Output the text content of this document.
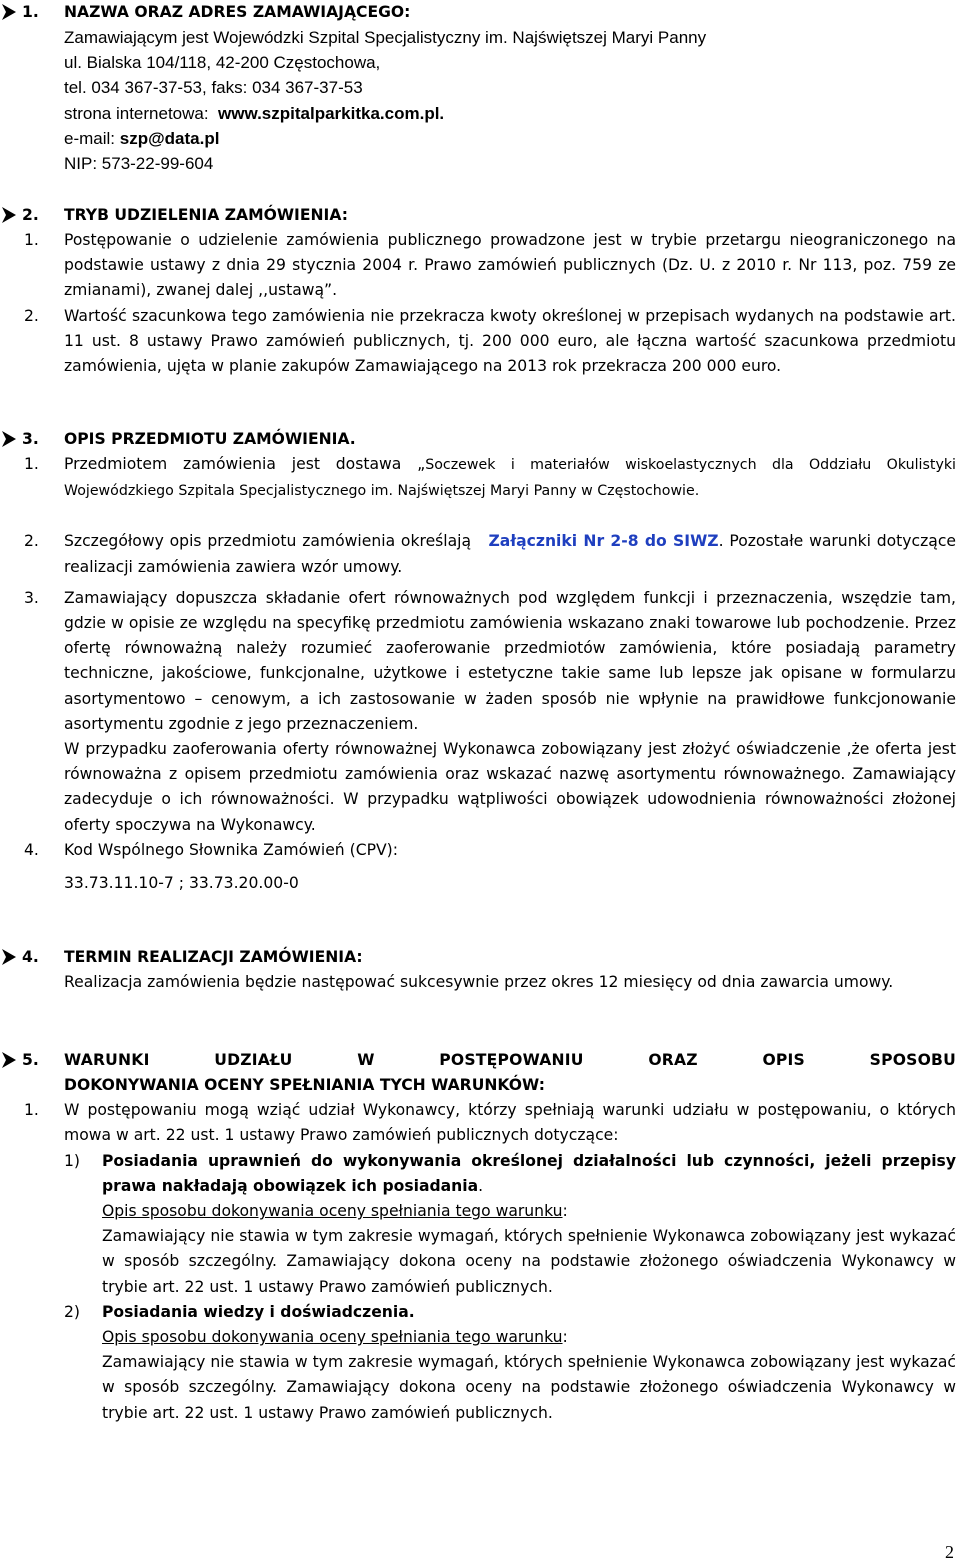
1. NAZWA ORAZ ADRES ZAMAWIAJĄCEGO:
Zamawiającym jest Wojewódzki Szpital Specjalistyczny im. Najświętszej Maryi Panny
ul. Bialska 104/118, 42-200 Częstochowa,
tel. 034 367-37-53, faks: 034 367-37-53
strona internetowa: www.szpitalparkitka.com.pl.
e-mail: szp@data.pl
NIP: 573-22-99-604
2. TRYB UDZIELENIA ZAMÓWIENIA:
1. Postępowanie o udzielenie zamówienia publicznego prowadzone jest w trybie przetargu nieograniczonego na podstawie ustawy z dnia 29 stycznia 2004 r. Prawo zamówień publicznych (Dz. U. z 2010 r. Nr 113, poz. 759 ze zmianami), zwanej dalej ,,ustawą”.
2. Wartość szacunkowa tego zamówienia nie przekracza kwoty określonej w przepisach wydanych na podstawie art. 11 ust. 8 ustawy Prawo zamówień publicznych, tj. 200 000 euro, ale łączna wartość szacunkowa przedmiotu zamówienia, ujęta w planie zakupów Zamawiającego na 2013 rok przekracza 200 000 euro.
3. OPIS PRZEDMIOTU ZAMÓWIENIA.
1. Przedmiotem zamówienia jest dostawa „Soczewek i materiałów wiskoelastycznych dla Oddziału Okulistyki Wojewódzkiego Szpitala Specjalistycznego im. Najświętszej Maryi Panny w Częstochowie.
2. Szczegółowy opis przedmiotu zamówienia określają Załączniki Nr 2-8 do SIWZ. Pozostałe warunki dotyczące realizacji zamówienia zawiera wzór umowy.
3. Zamawiający dopuszcza składanie ofert równoważnych pod względem funkcji i przeznaczenia, wszędzie tam, gdzie w opisie ze względu na specyfikę przedmiotu zamówienia wskazano znaki towarowe lub pochodzenie. Przez ofertę równoważną należy rozumieć zaoferowanie przedmiotów zamówienia, które posiadają parametry techniczne, jakościowe, funkcjonalne, użytkowe i estetyczne takie same lub lepsze jak opisane w formularzu asortymentowo – cenowym, a ich zastosowanie w żaden sposób nie wpłynie na prawidłowe funkcjonowanie asortymentu zgodnie z jego przeznaczeniem.
W przypadku zaoferowania oferty równoważnej Wykonawca zobowiązany jest złożyć oświadczenie ,że oferta jest równoważna z opisem przedmiotu zamówienia oraz wskazać nazwę asortymentu równoważnego. Zamawiający zadecyduje o ich równoważności. W przypadku wątpliwości obowiązek udowodnienia równoważności złożonej oferty spoczywa na Wykonawcy.
4. Kod Wspólnego Słownika Zamówień (CPV):
33.73.11.10-7 ; 33.73.20.00-0
4. TERMIN REALIZACJI ZAMÓWIENIA:
Realizacja zamówienia będzie następować sukcesywnie przez okres 12 miesięcy od dnia zawarcia umowy.
5. WARUNKI UDZIAŁU W POSTĘPOWANIU ORAZ OPIS SPOSOBU
DOKONYWANIA OCENY SPEŁNIANIA TYCH WARUNKÓW:
1. W postępowaniu mogą wziąć udział Wykonawcy, którzy spełniają warunki udziału w postępowaniu, o których mowa w art. 22 ust. 1 ustawy Prawo zamówień publicznych dotyczące:
1) Posiadania uprawnień do wykonywania określonej działalności lub czynności, jeżeli przepisy prawa nakładają obowiązek ich posiadania.
Opis sposobu dokonywania oceny spełniania tego warunku:
Zamawiający nie stawia w tym zakresie wymagań, których spełnienie Wykonawca zobowiązany jest wykazać w sposób szczególny. Zamawiający dokona oceny na podstawie złożonego oświadczenia Wykonawcy w trybie art. 22 ust. 1 ustawy Prawo zamówień publicznych.
2) Posiadania wiedzy i doświadczenia.
Opis sposobu dokonywania oceny spełniania tego warunku:
Zamawiający nie stawia w tym zakresie wymagań, których spełnienie Wykonawca zobowiązany jest wykazać w sposób szczególny. Zamawiający dokona oceny na podstawie złożonego oświadczenia Wykonawcy w trybie art. 22 ust. 1 ustawy Prawo zamówień publicznych.
2
